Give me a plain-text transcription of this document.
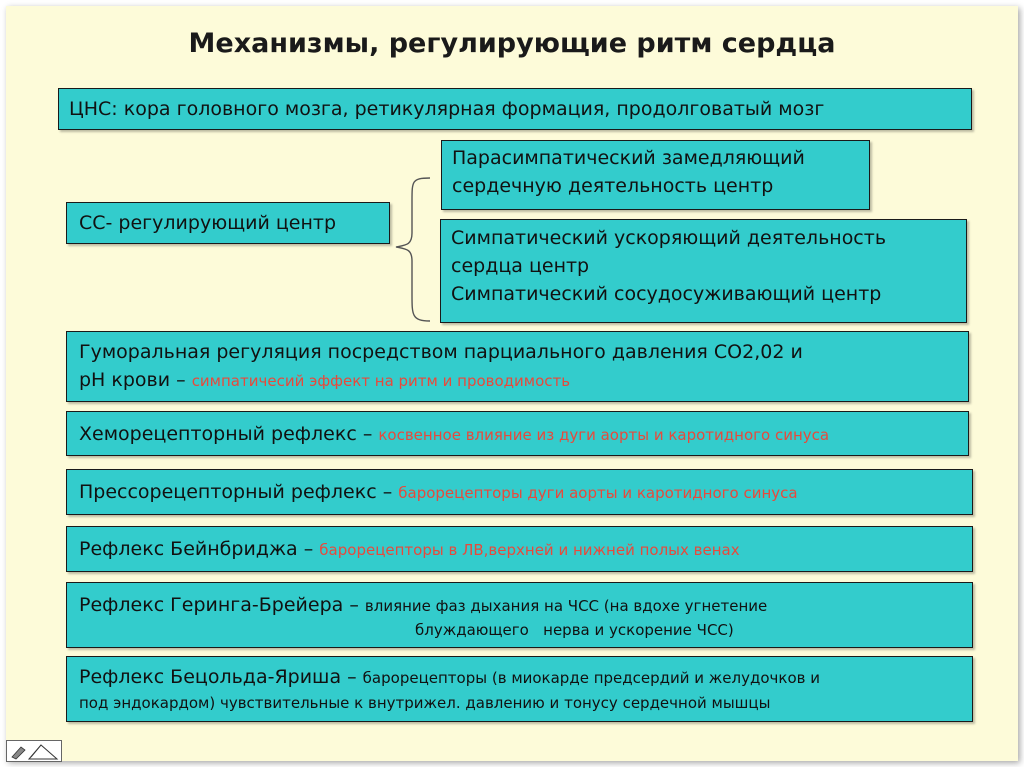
Механизмы, регулирующие ритм сердца
ЦНС: кора головного мозга, ретикулярная формация, продолговатый мозг
СС- регулирующий центр
Парасимпатический замедляющий
сердечную деятельность центр
Симпатический ускоряющий деятельность
сердца центр
Симпатический сосудосуживающий центр
Гуморальная регуляция посредством парциального давления СО2,02 и
рН крови – симпатичесий эффект на ритм и проводимость
Хеморецепторный рефлекс – косвенное влияние из дуги аорты и каротидного синуса
Прессорецепторный рефлекс – барорецепторы дуги аорты и каротидного синуса
Рефлекс Бейнбриджа – барорецепторы в ЛВ,верхней и нижней полых венах
Рефлекс Геринга-Брейера – влияние фаз дыхания на ЧСС (на вдохе угнетение
блуждающего   нерва и ускорение ЧСС)
Рефлекс Бецольда-Яриша – барорецепторы (в миокарде предсердий и желудочков и
под эндокардом) чувствительные к внутрижел. давлению и тонусу сердечной мышцы
